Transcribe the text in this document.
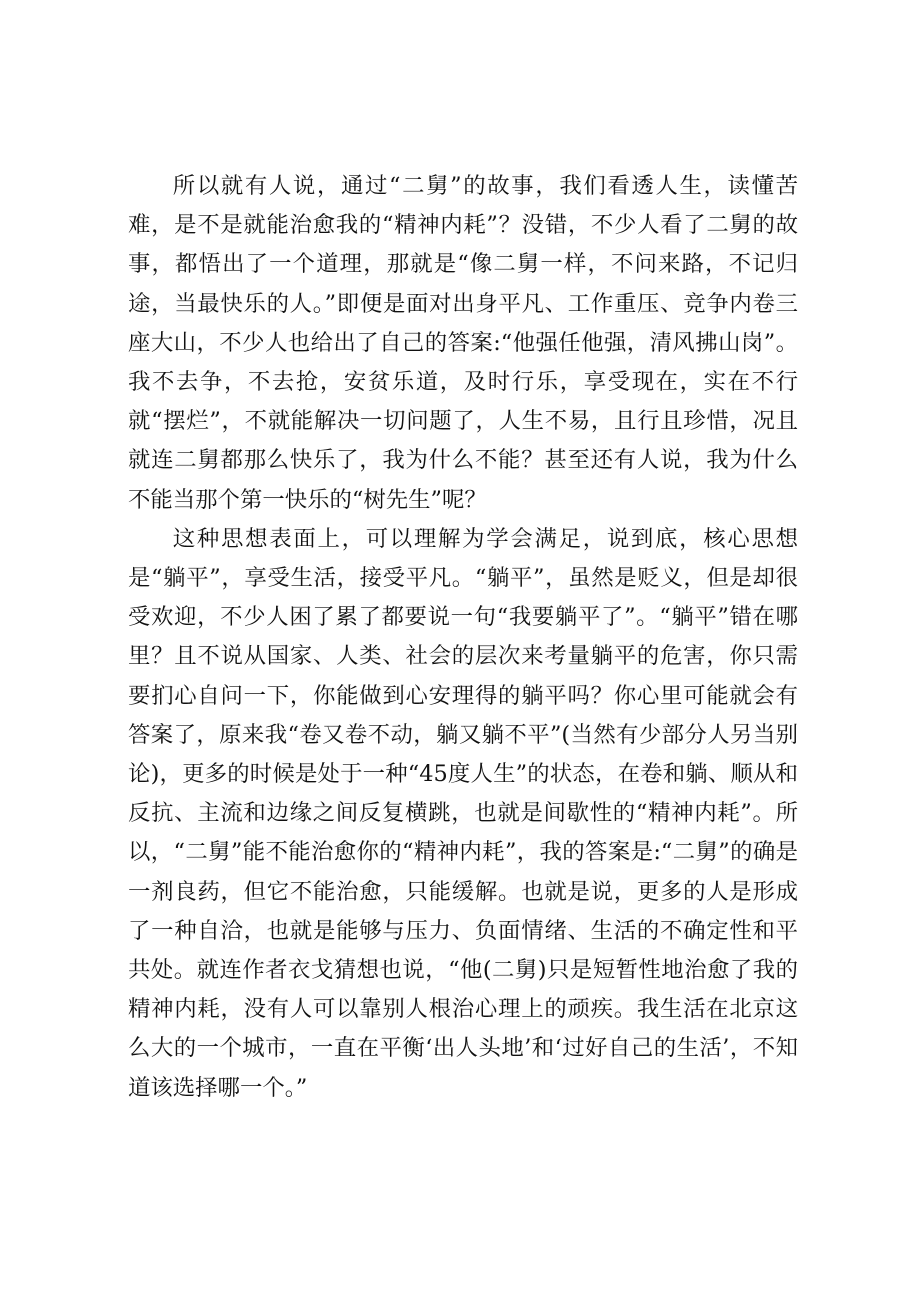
所以就有人说，通过“二舅”的故事，我们看透人生，读懂苦难，是不是就能治愈我的“精神内耗”？没错，不少人看了二舅的故事，都悟出了一个道理，那就是“像二舅一样，不问来路，不记归途，当最快乐的人。”即便是面对出身平凡、工作重压、竞争内卷三座大山，不少人也给出了自己的答案:“他强任他强，清风拂山岗”。我不去争，不去抢，安贫乐道，及时行乐，享受现在，实在不行就“摆烂”，不就能解决一切问题了，人生不易，且行且珍惜，况且就连二舅都那么快乐了，我为什么不能？甚至还有人说，我为什么不能当那个第一快乐的“树先生”呢？

这种思想表面上，可以理解为学会满足，说到底，核心思想是“躺平”，享受生活，接受平凡。“躺平”，虽然是贬义，但是却很受欢迎，不少人困了累了都要说一句“我要躺平了”。“躺平”错在哪里？且不说从国家、人类、社会的层次来考量躺平的危害，你只需要扪心自问一下，你能做到心安理得的躺平吗？你心里可能就会有答案了，原来我“卷又卷不动，躺又躺不平”(当然有少部分人另当别论)，更多的时候是处于一种“45度人生”的状态，在卷和躺、顺从和反抗、主流和边缘之间反复横跳，也就是间歇性的“精神内耗”。所以，“二舅”能不能治愈你的“精神内耗”，我的答案是:“二舅”的确是一剂良药，但它不能治愈，只能缓解。也就是说，更多的人是形成了一种自洽，也就是能够与压力、负面情绪、生活的不确定性和平共处。就连作者衣戈猜想也说，“他(二舅)只是短暂性地治愈了我的精神内耗，没有人可以靠别人根治心理上的顽疾。我生活在北京这么大的一个城市，一直在平衡‘出人头地’和‘过好自己的生活’，不知道该选择哪一个。”
